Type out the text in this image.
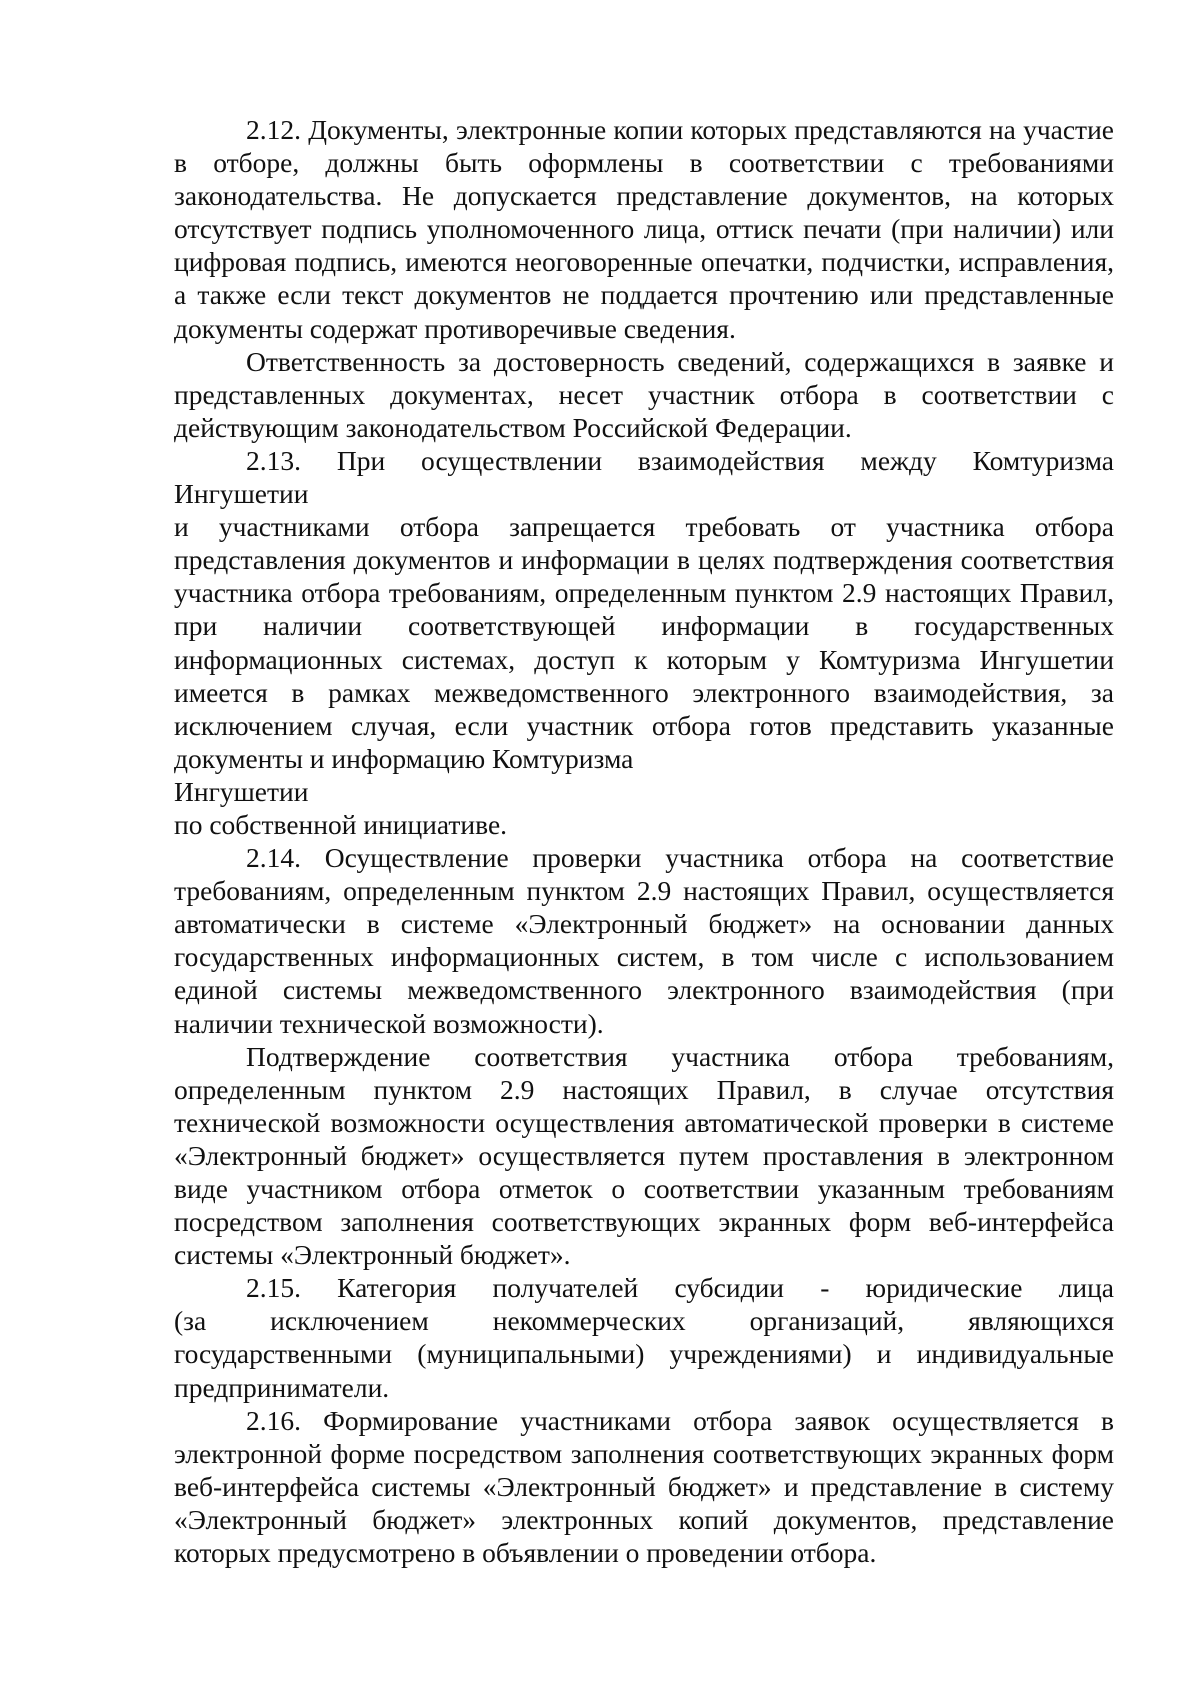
2.12. Документы, электронные копии которых представляются на участие в отборе, должны быть оформлены в соответствии с требованиями законодательства. Не допускается представление документов, на которых отсутствует подпись уполномоченного лица, оттиск печати (при наличии) или цифровая подпись, имеются неоговоренные опечатки, подчистки, исправления, а также если текст документов не поддается прочтению или представленные документы содержат противоречивые сведения.

Ответственность за достоверность сведений, содержащихся в заявке и представленных документах, несет участник отбора в соответствии с действующим законодательством Российской Федерации.

2.13. При осуществлении взаимодействия между Комтуризма

Ингушетии

и участниками отбора запрещается требовать от участника отбора представления документов и информации в целях подтверждения соответствия участника отбора требованиям, определенным пунктом 2.9 настоящих Правил, при наличии соответствующей информации в государственных информационных системах, доступ к которым у Комтуризма Ингушетии имеется в рамках межведомственного электронного взаимодействия, за исключением случая, если участник отбора готов представить указанные документы и информацию Комтуризма

Ингушетии

по собственной инициативе.

2.14. Осуществление проверки участника отбора на соответствие требованиям, определенным пунктом 2.9 настоящих Правил, осуществляется автоматически в системе «Электронный бюджет» на основании данных государственных информационных систем, в том числе с использованием единой системы межведомственного электронного взаимодействия (при наличии технической возможности).

Подтверждение соответствия участника отбора требованиям, определенным пунктом 2.9 настоящих Правил, в случае отсутствия технической возможности осуществления автоматической проверки в системе «Электронный бюджет» осуществляется путем проставления в электронном виде участником отбора отметок о соответствии указанным требованиям посредством заполнения соответствующих экранных форм веб-интерфейса системы «Электронный бюджет».

2.15. Категория получателей субсидии - юридические лица

(за исключением некоммерческих организаций, являющихся

государственными (муниципальными) учреждениями) и индивидуальные

предприниматели.

2.16. Формирование участниками отбора заявок осуществляется в электронной форме посредством заполнения соответствующих экранных форм веб-интерфейса системы «Электронный бюджет» и представление в систему «Электронный бюджет» электронных копий документов, представление которых предусмотрено в объявлении о проведении отбора.
